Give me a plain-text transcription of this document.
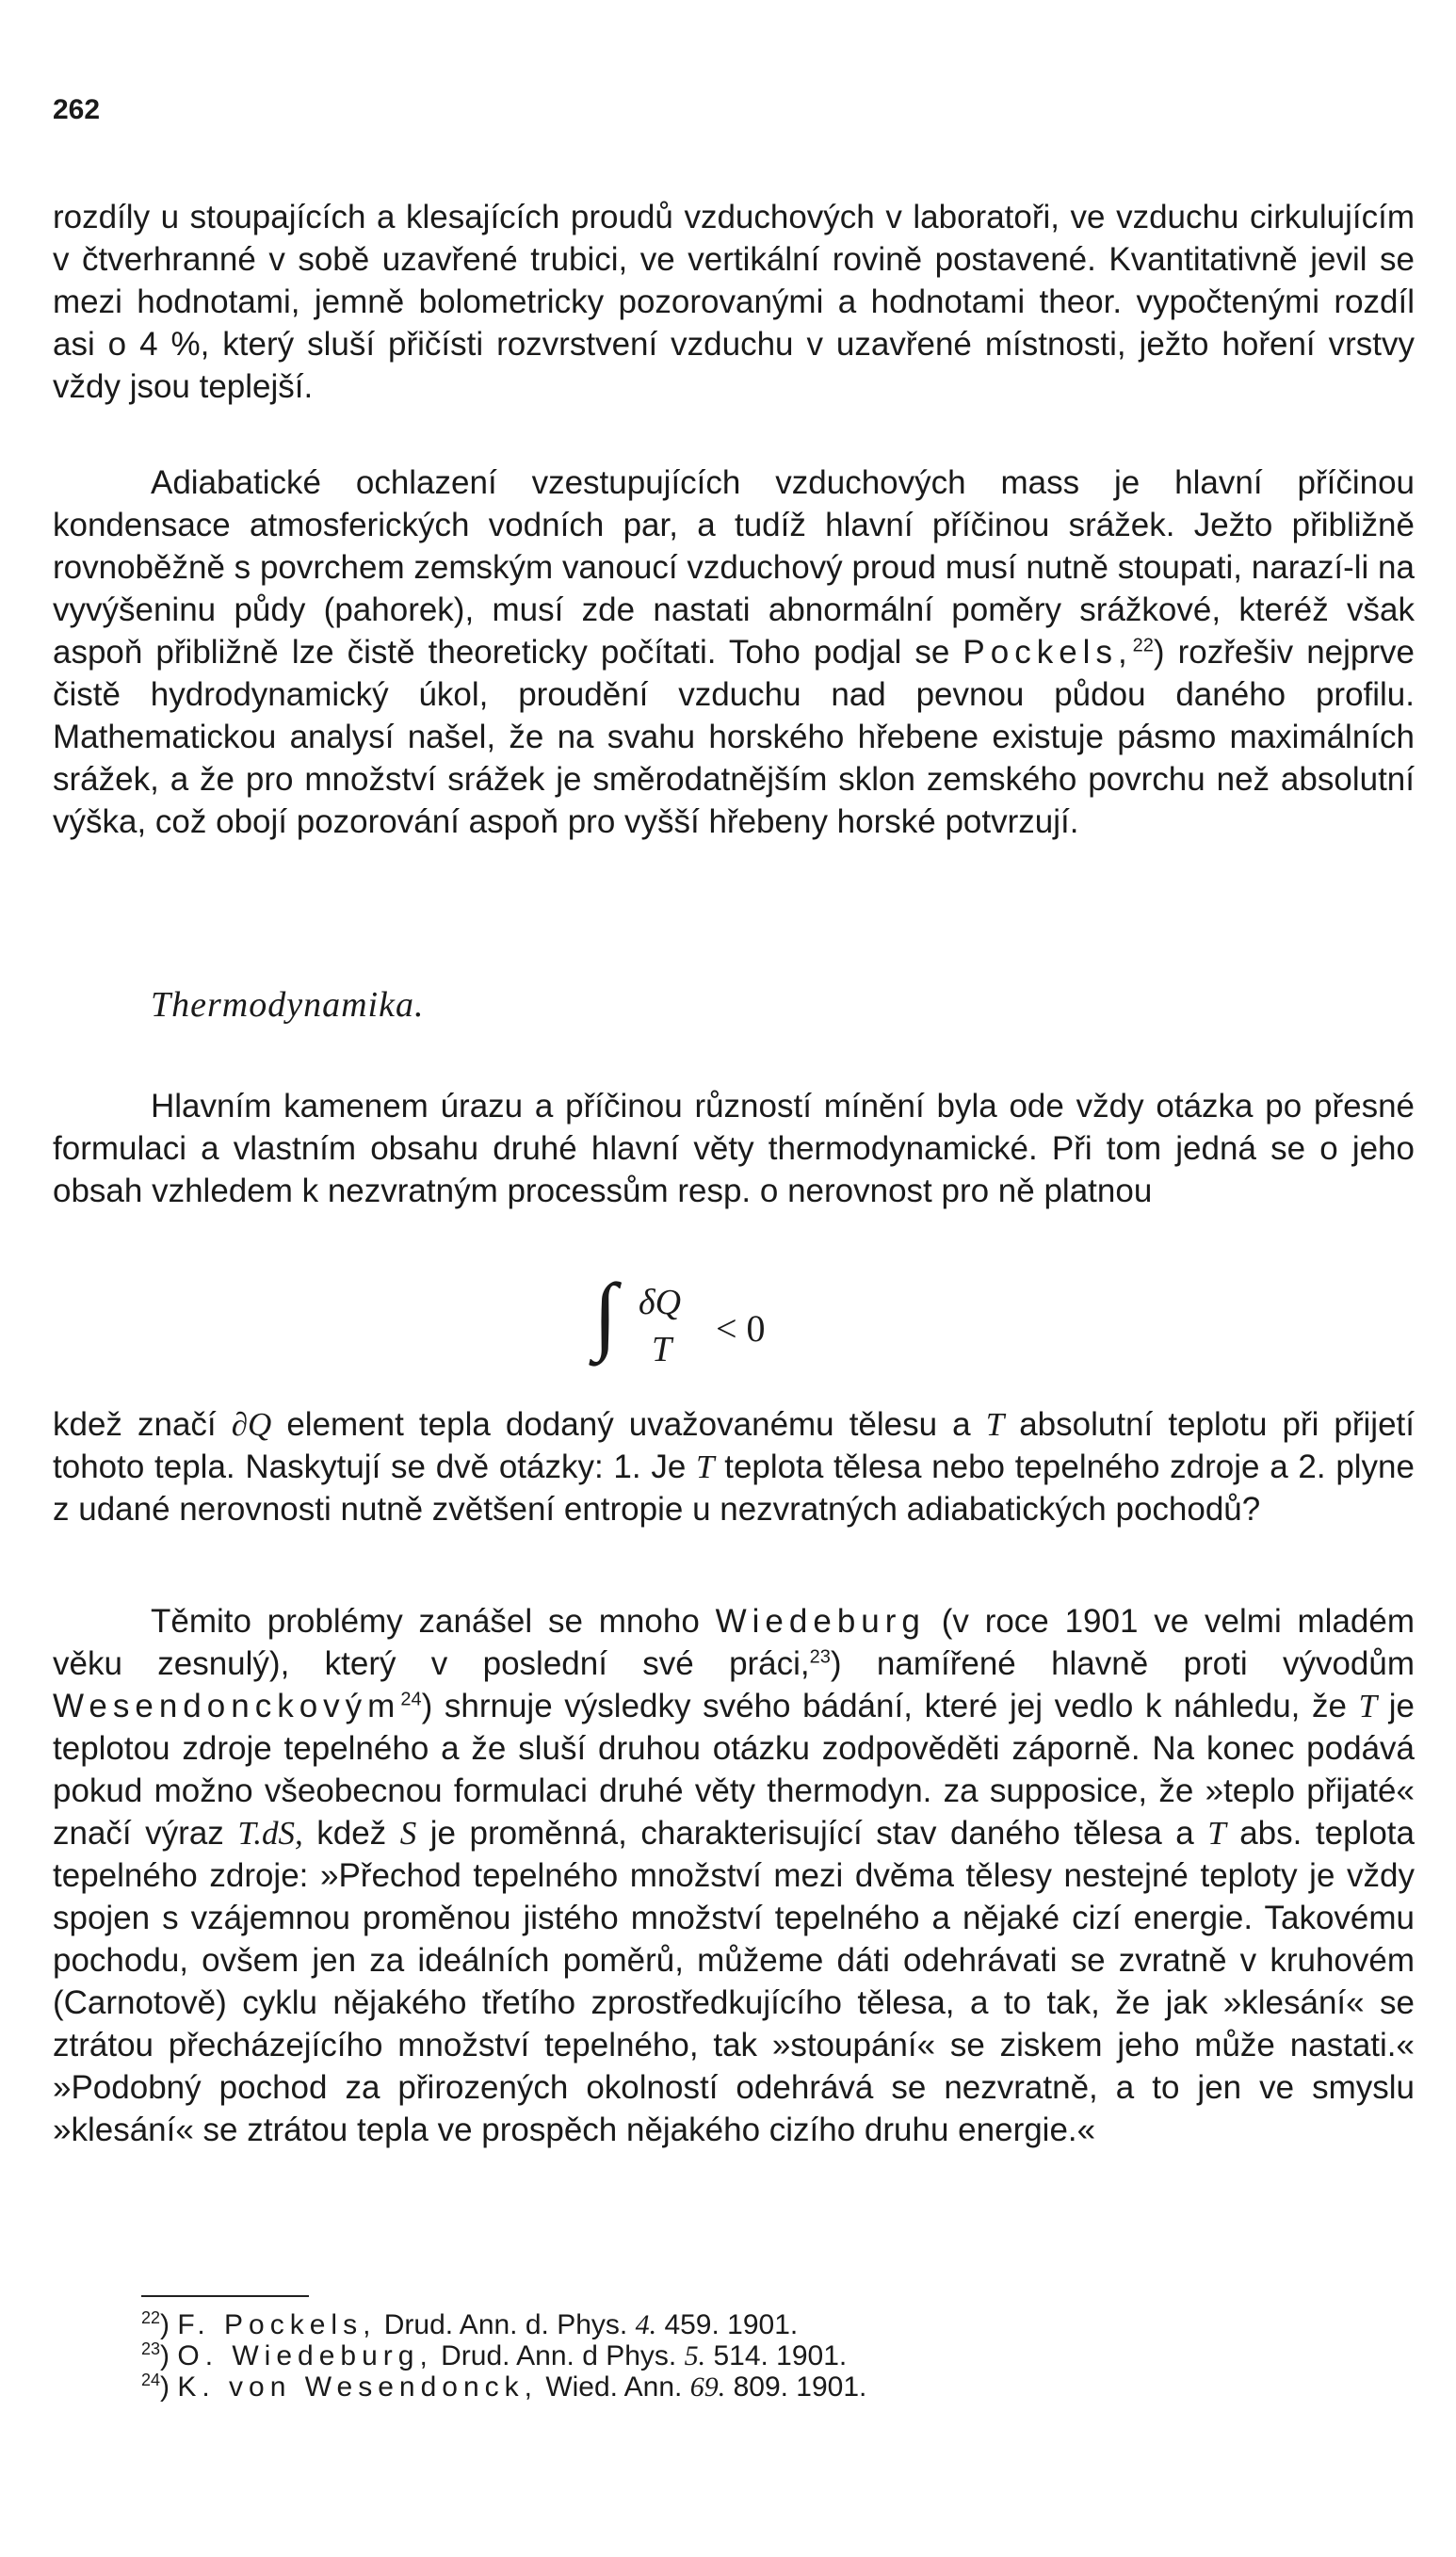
262

rozdíly u stoupajících a klesajících proudů vzduchových v laboratoři, ve vzduchu cirkulujícím v čtverhranné v sobě uzavřené trubici, ve vertikální rovině postavené. Kvantitativně jevil se mezi hodnotami, jemně bolometricky pozorovanými a hodnotami theor. vypočtenými rozdíl asi o 4 %, který sluší přičísti rozvrstvení vzduchu v uzavřené místnosti, ježto hoření vrstvy vždy jsou teplejší.

Adiabatické ochlazení vzestupujících vzduchových mass je hlavní příčinou kondensace atmosferických vodních par, a tudíž hlavní příčinou srážek. Ježto přibližně rovnoběžně s povrchem zemským vanoucí vzduchový proud musí nutně stoupati, narazí-li na vyvýšeninu půdy (pahorek), musí zde nastati abnormální poměry srážkové, kteréž však aspoň přibližně lze čistě theoreticky počítati. Toho podjal se Pockels,$^{22}$) rozřešiv nejprve čistě hydrodynamický úkol, proudění vzduchu nad pevnou půdou daného profilu. Mathematickou analysí našel, že na svahu horského hřebene existuje pásmo maximálních srážek, a že pro množství srážek je směrodatnějším sklon zemského povrchu než absolutní výška, což obojí pozorování aspoň pro vyšší hřebeny horské potvrzují.

Thermodynamika.

Hlavním kamenem úrazu a příčinou růzností mínění byla ode vždy otázka po přesné formulaci a vlastním obsahu druhé hlavní věty thermodynamické. Při tom jedná se o jeho obsah vzhledem k nezvratným processům resp. o nerovnost pro ně platnou

∫ δQ
T < 0

kdež značí ∂Q element tepla dodaný uvažovanému tělesu a T absolutní teplotu při přijetí tohoto tepla. Naskytují se dvě otázky: 1. Je T teplota tělesa nebo tepelného zdroje a 2. plyne z udané nerovnosti nutně zvětšení entropie u nezvratných adiabatických pochodů?

Těmito problémy zanášel se mnoho Wiedeburg (v roce 1901 ve velmi mladém věku zesnulý), který v poslední své práci,$^{23}$) namířené hlavně proti vývodům Wesendonckovým$^{24}$) shrnuje výsledky svého bádání, které jej vedlo k náhledu, že T je teplotou zdroje tepelného a že sluší druhou otázku zodpověděti záporně. Na konec podává pokud možno všeobecnou formulaci druhé věty thermodyn. za supposice, že »teplo přijaté« značí výraz T.dS, kdež S je proměnná, charakterisující stav daného tělesa a T abs. teplota tepelného zdroje: »Přechod tepelného množství mezi dvěma tělesy nestejné teploty je vždy spojen s vzájemnou proměnou jistého množství tepelného a nějaké cizí energie. Takovému pochodu, ovšem jen za ideálních poměrů, můžeme dáti odehrávati se zvratně v kruhovém (Carnotově) cyklu nějakého třetího zprostředkujícího tělesa, a to tak, že jak »klesání« se ztrátou přecházejícího množství tepelného, tak »stoupání« se ziskem jeho může nastati.« »Podobný pochod za přirozených okolností odehrává se nezvratně, a to jen ve smyslu »klesání« se ztrátou tepla ve prospěch nějakého cizího druhu energie.«

$^{22}$) F. Pockels, Drud. Ann. d. Phys. 4. 459. 1901.

$^{23}$) O. Wiedeburg, Drud. Ann. d Phys. 5. 514. 1901.

$^{24}$) K. von Wesendonck, Wied. Ann. 69. 809. 1901.
